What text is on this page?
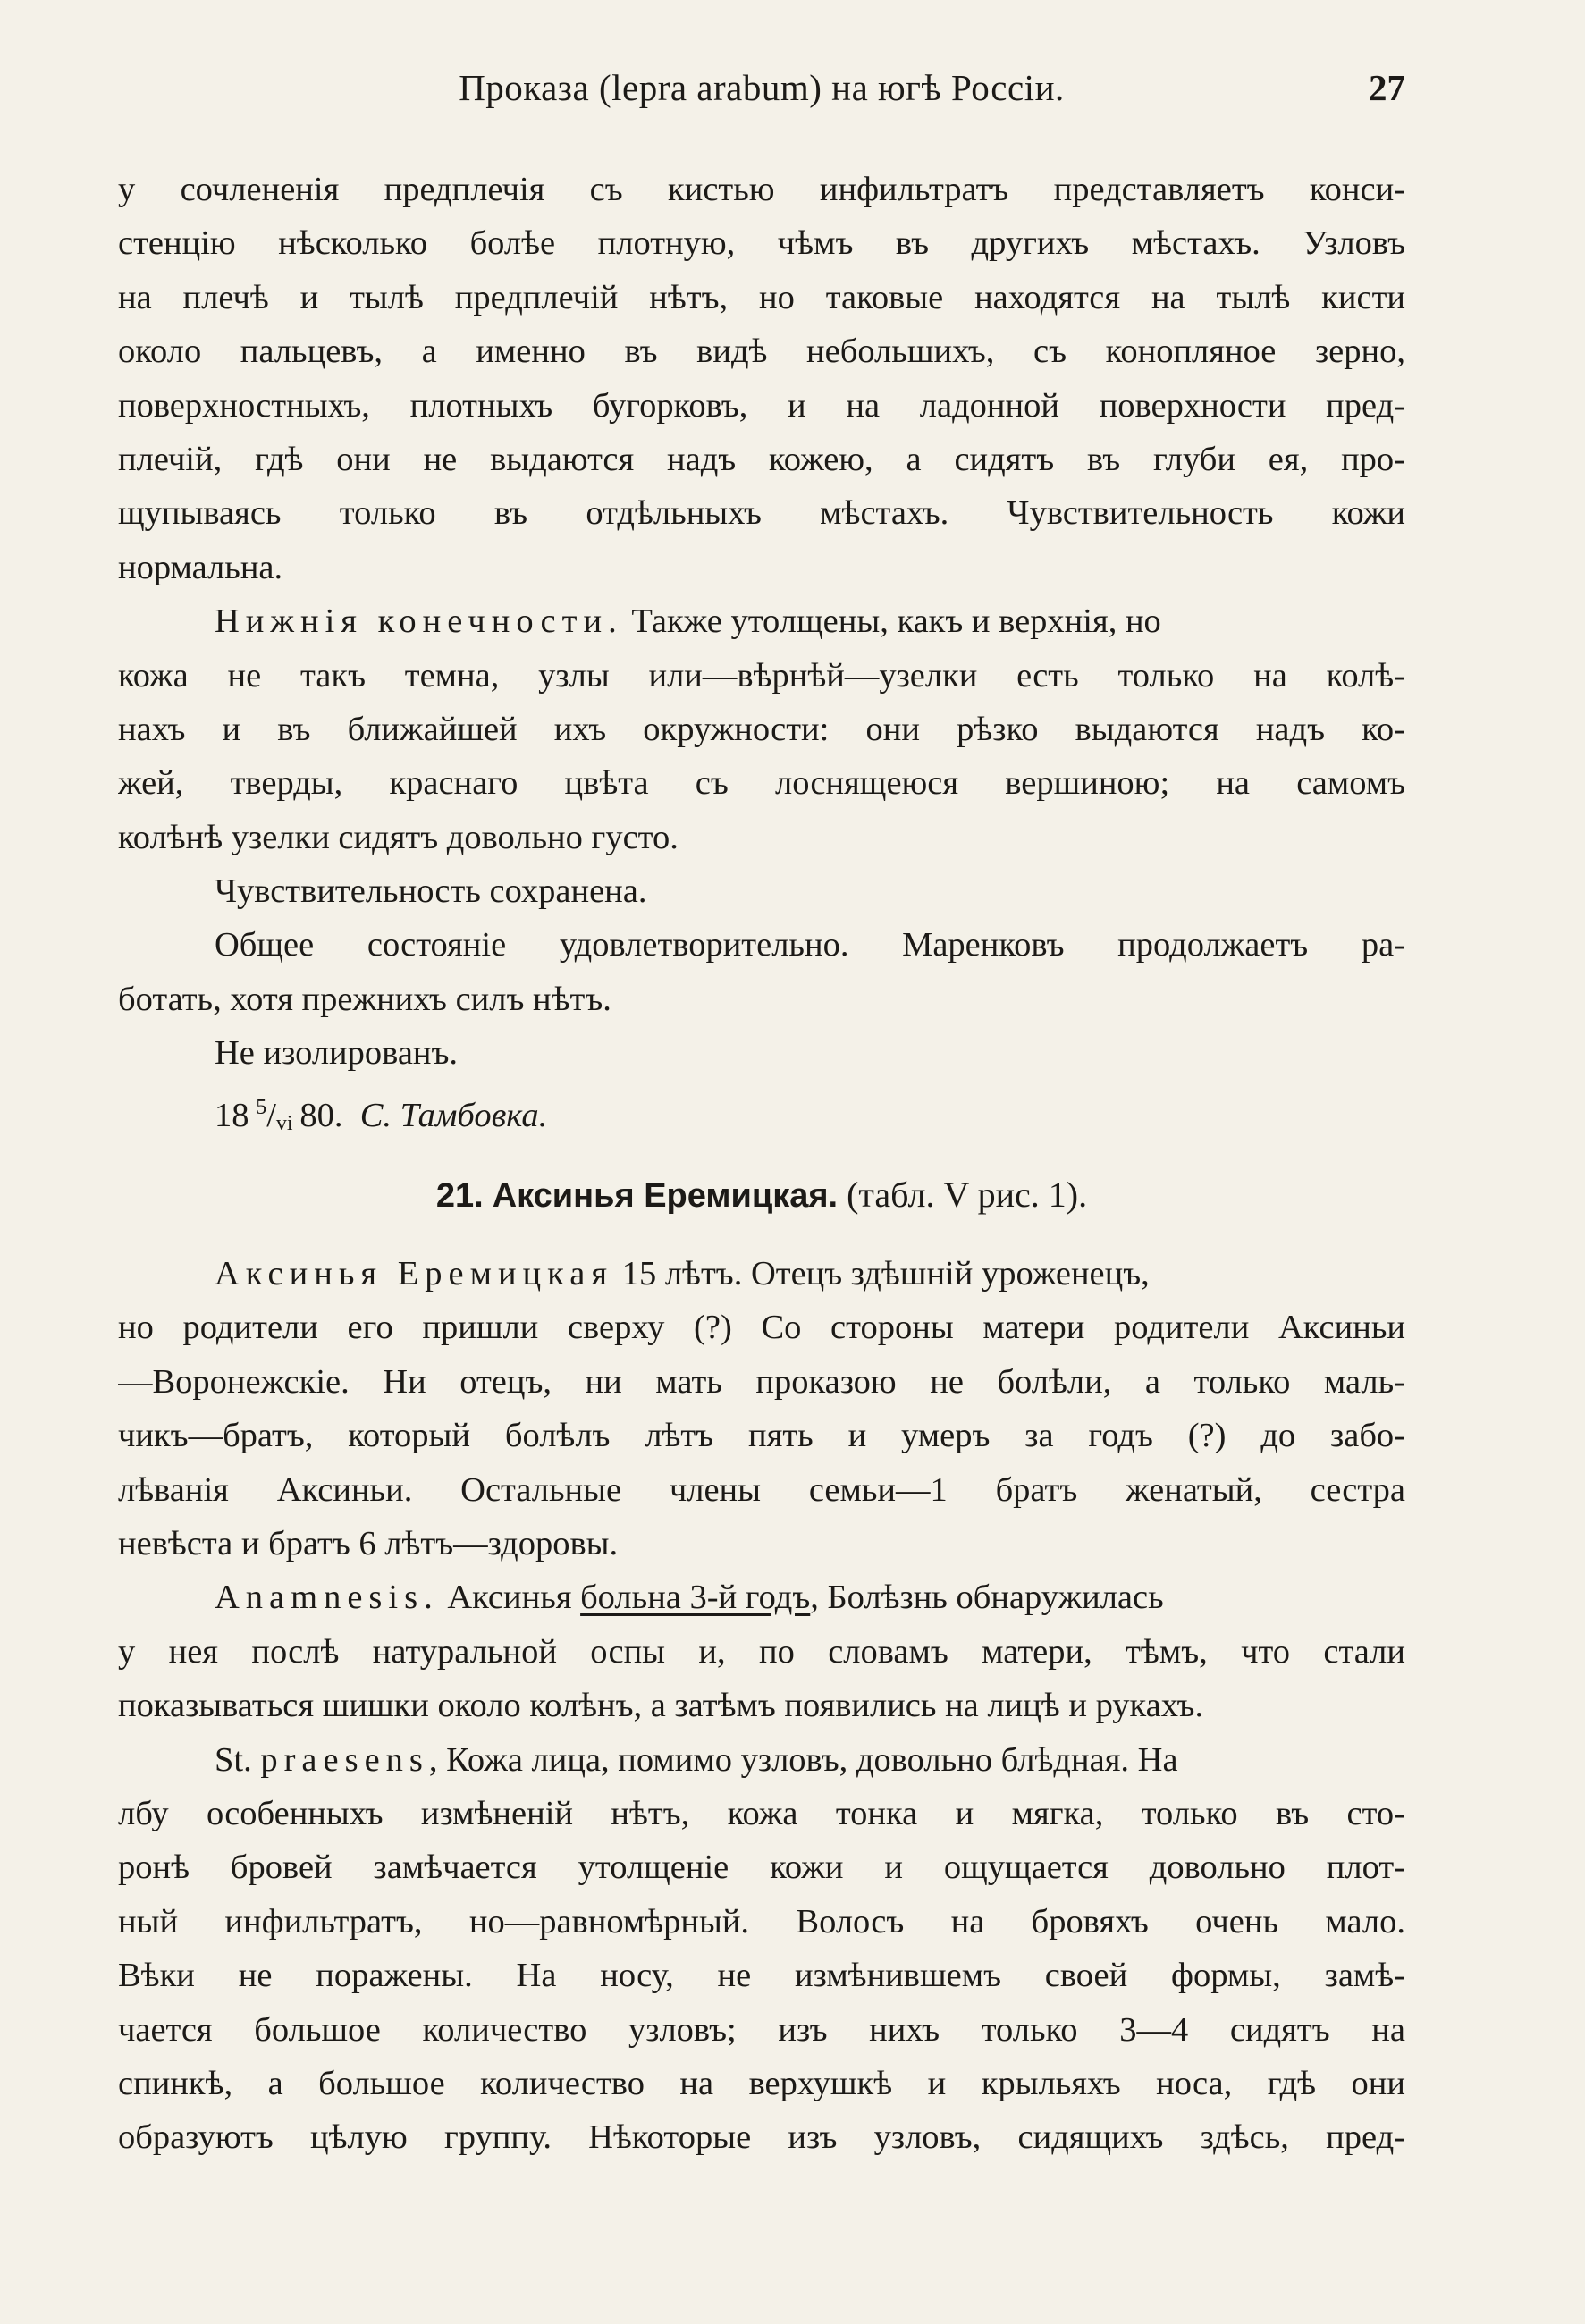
Проказа (lepra arabum) на югѣ Россіи.	27
у сочлененія предплечія съ кистью инфильтратъ представляетъ конси-
стенцію нѣсколько болѣе плотную, чѣмъ въ другихъ мѣстахъ. Узловъ
на плечѣ и тылѣ предплечій нѣтъ, но таковые находятся на тылѣ кисти
около пальцевъ, а именно въ видѣ небольшихъ, съ конопляное зерно,
поверхностныхъ, плотныхъ бугорковъ, и на ладонной поверхности пред-
плечій, гдѣ они не выдаются надъ кожею, а сидятъ въ глуби ея, про-
щупываясь только въ отдѣльныхъ мѣстахъ. Чувствительность кожи
нормальна.
Нижнія конечности. Также утолщены, какъ и верхнія, но
кожа не такъ темна, узлы или—вѣрнѣй—узелки есть только на колѣ-
нахъ и въ ближайшей ихъ окружности: они рѣзко выдаются надъ ко-
жей, тверды, краснаго цвѣта съ лоснящеюся вершиною; на самомъ
колѣнѣ узелки сидятъ довольно густо.
Чувствительность сохранена.
Общее состояніе удовлетворительно. Маренковъ продолжаетъ ра-
ботать, хотя прежнихъ силъ нѣтъ.
Не изолированъ.
18  $^5/_{vi}$  80. С. Тамбовка.
21. Аксинья Еремицкая. (табл. V рис. 1).
Аксинья Еремицкая 15 лѣтъ. Отецъ здѣшній уроженецъ,
но родители его пришли сверху (?) Со стороны матери родители Аксиньи
—Воронежскіе. Ни отецъ, ни мать проказою не болѣли, а только маль-
чикъ—братъ, который болѣлъ лѣтъ пять и умеръ за годъ (?) до забо-
лѣванія Аксиньи. Остальные члены семьи—1 братъ женатый, сестра
невѣста и братъ 6 лѣтъ—здоровы.
Anamnesis. Аксинья больна 3-й годъ, Болѣзнь обнаружилась
у нея послѣ натуральной оспы и, по словамъ матери, тѣмъ, что стали
показываться шишки около колѣнъ, а затѣмъ появились на лицѣ и рукахъ.
St. praesens, Кожа лица, помимо узловъ, довольно блѣдная. На
лбу особенныхъ измѣненій нѣтъ, кожа тонка и мягка, только въ сто-
ронѣ бровей замѣчается утолщеніе кожи и ощущается довольно плот-
ный инфильтратъ, но—равномѣрный. Волосъ на бровяхъ очень мало.
Вѣки не поражены. На носу, не измѣнившемъ своей формы, замѣ-
чается большое количество узловъ; изъ нихъ только 3—4 сидятъ на
спинкѣ, а большое количество на верхушкѣ и крыльяхъ носа, гдѣ они
образуютъ цѣлую группу. Нѣкоторые изъ узловъ, сидящихъ здѣсь, пред-
